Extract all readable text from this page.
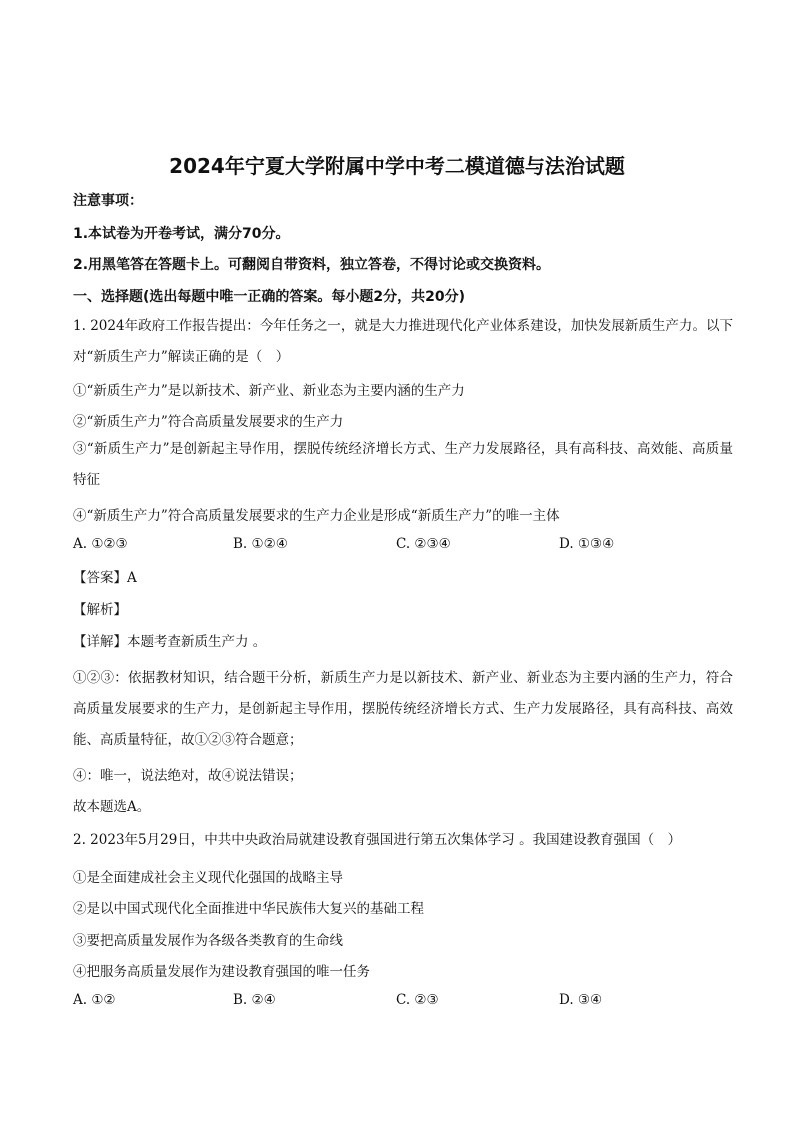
2024年宁夏大学附属中学中考二模道德与法治试题
注意事项：
1.本试卷为开卷考试，满分70分。
2.用黑笔答在答题卡上。可翻阅自带资料，独立答卷，不得讨论或交换资料。
一、选择题(选出每题中唯一正确的答案。每小题2分，共20分)
1. 2024年政府工作报告提出：今年任务之一，就是大力推进现代化产业体系建设，加快发展新质生产力。以下对“新质生产力”解读正确的是（　）
①“新质生产力”是以新技术、新产业、新业态为主要内涵的生产力
②“新质生产力”符合高质量发展要求的生产力
③“新质生产力”是创新起主导作用，摆脱传统经济增长方式、生产力发展路径，具有高科技、高效能、高质量特征
④“新质生产力”符合高质量发展要求的生产力企业是形成“新质生产力”的唯一主体
A. ①②③	B. ①②④	C. ②③④	D. ①③④
【答案】A
【解析】
【详解】本题考查新质生产力 。
①②③：依据教材知识，结合题干分析，新质生产力是以新技术、新产业、新业态为主要内涵的生产力，符合高质量发展要求的生产力，是创新起主导作用，摆脱传统经济增长方式、生产力发展路径，具有高科技、高效能、高质量特征，故①②③符合题意；
④：唯一，说法绝对，故④说法错误；
故本题选A。
2. 2023年5月29日，中共中央政治局就建设教育强国进行第五次集体学习 。我国建设教育强国（　）
①是全面建成社会主义现代化强国的战略主导
②是以中国式现代化全面推进中华民族伟大复兴的基础工程
③要把高质量发展作为各级各类教育的生命线
④把服务高质量发展作为建设教育强国的唯一任务
A. ①②	B. ②④	C. ②③	D. ③④
